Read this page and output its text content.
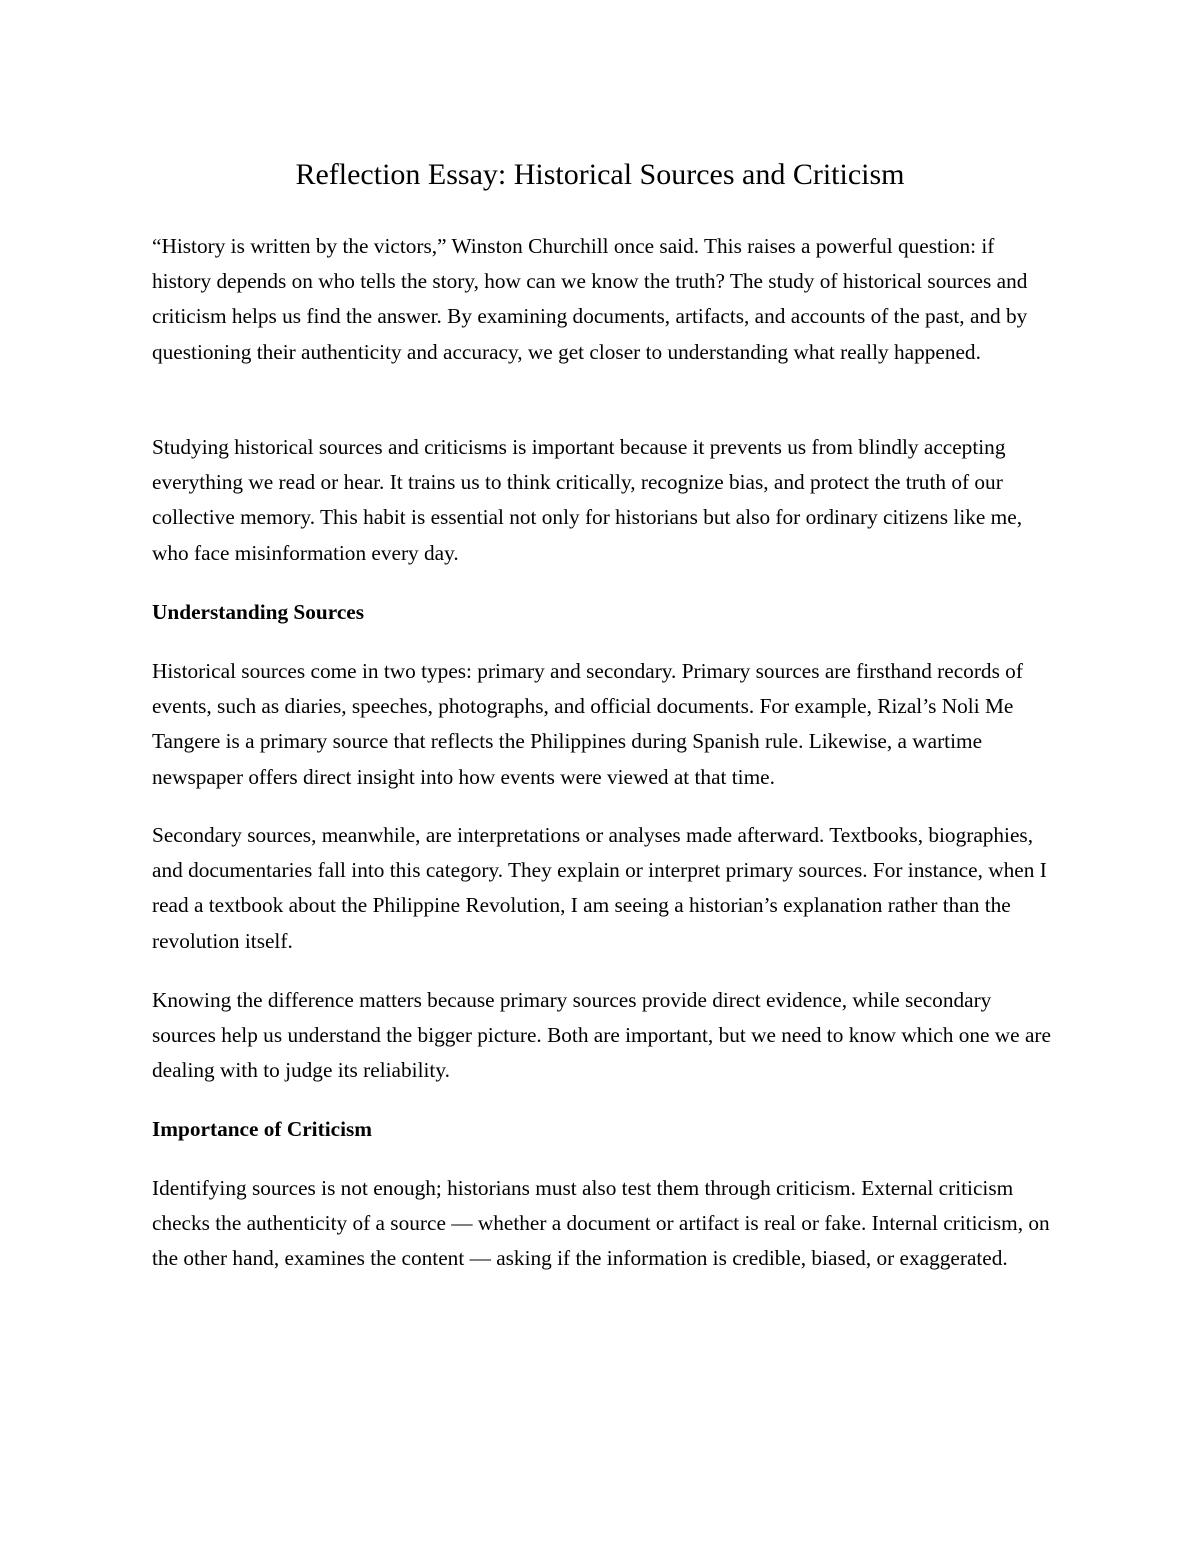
Reflection Essay: Historical Sources and Criticism

“History is written by the victors,” Winston Churchill once said. This raises a powerful question: if history depends on who tells the story, how can we know the truth? The study of historical sources and criticism helps us find the answer. By examining documents, artifacts, and accounts of the past, and by questioning their authenticity and accuracy, we get closer to understanding what really happened.

Studying historical sources and criticisms is important because it prevents us from blindly accepting everything we read or hear. It trains us to think critically, recognize bias, and protect the truth of our collective memory. This habit is essential not only for historians but also for ordinary citizens like me, who face misinformation every day.

Understanding Sources

Historical sources come in two types: primary and secondary. Primary sources are firsthand records of events, such as diaries, speeches, photographs, and official documents. For example, Rizal’s Noli Me Tangere is a primary source that reflects the Philippines during Spanish rule. Likewise, a wartime newspaper offers direct insight into how events were viewed at that time.

Secondary sources, meanwhile, are interpretations or analyses made afterward. Textbooks, biographies, and documentaries fall into this category. They explain or interpret primary sources. For instance, when I read a textbook about the Philippine Revolution, I am seeing a historian’s explanation rather than the revolution itself.

Knowing the difference matters because primary sources provide direct evidence, while secondary sources help us understand the bigger picture. Both are important, but we need to know which one we are dealing with to judge its reliability.

Importance of Criticism

Identifying sources is not enough; historians must also test them through criticism. External criticism checks the authenticity of a source — whether a document or artifact is real or fake. Internal criticism, on the other hand, examines the content — asking if the information is credible, biased, or exaggerated.
